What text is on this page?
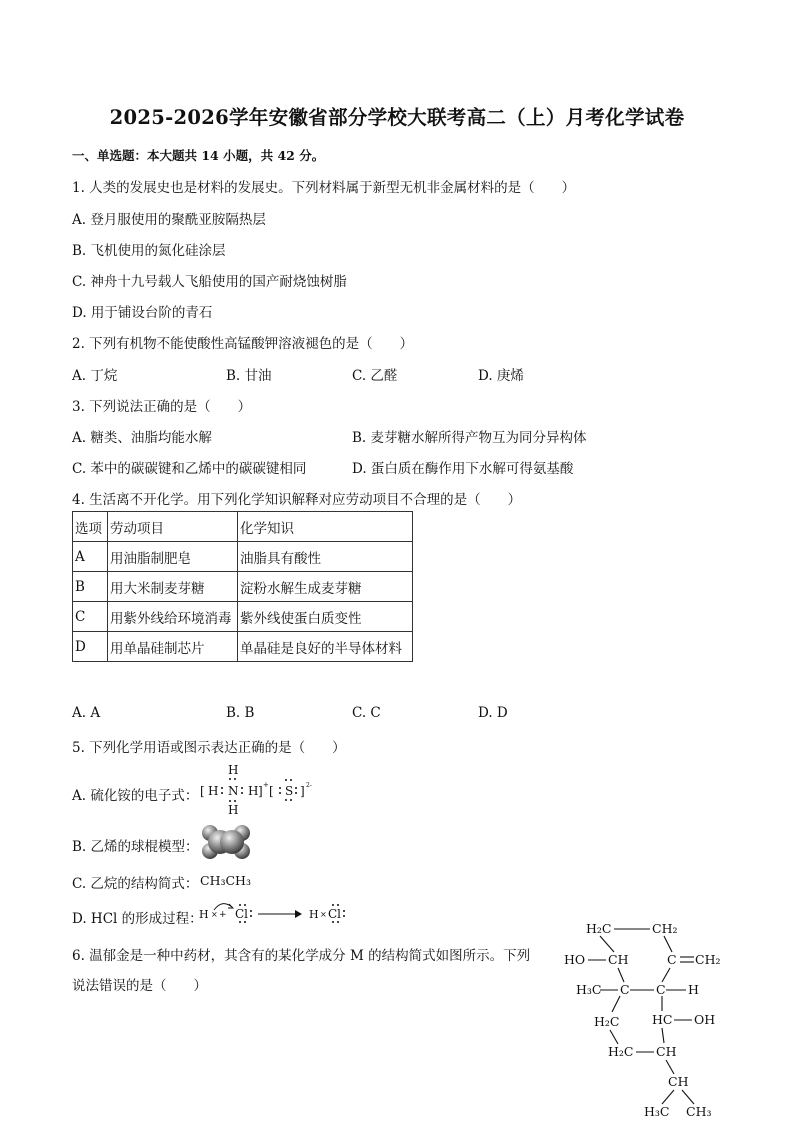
2025-2026学年安徽省部分学校大联考高二（上）月考化学试卷
一、单选题：本大题共 14 小题，共 42 分。
1. 人类的发展史也是材料的发展史。下列材料属于新型无机非金属材料的是（　　）
A. 登月服使用的聚酰亚胺隔热层
B. 飞机使用的氮化硅涂层
C. 神舟十九号载人飞船使用的国产耐烧蚀树脂
D. 用于铺设台阶的青石
2. 下列有机物不能使酸性高锰酸钾溶液褪色的是（　　）
A. 丁烷	B. 甘油	C. 乙醛	D. 庚烯
3. 下列说法正确的是（　　）
A. 糖类、油脂均能水解	B. 麦芽糖水解所得产物互为同分异构体
C. 苯中的碳碳键和乙烯中的碳碳键相同	D. 蛋白质在酶作用下水解可得氨基酸
4. 生活离不开化学。用下列化学知识解释对应劳动项目不合理的是（　　）
选项	劳动项目	化学知识
A	用油脂制肥皂	油脂具有酸性
B	用大米制麦芽糖	淀粉水解生成麦芽糖
C	用紫外线给环境消毒	紫外线使蛋白质变性
D	用单晶硅制芯片	单晶硅是良好的半导体材料
A. A	B. B	C. C	D. D
5. 下列化学用语或图示表达正确的是（　　）
A. 硫化铵的电子式： [ H
H
N
H
H ] + [ S ] 2-
B. 乙烯的球棍模型：
C. 乙烷的结构简式： CH₃CH₃
D. HCl 的形成过程：
H × + Cl	H × Cl
6. 温郁金是一种中药材，其含有的某化学成分 M 的结构简式如图所示。下列
说法错误的是（　　）
H₂C	CH₂
HO CH	C CH₂
H₃C C C H
H₂C	HC OH
H₂C CH
CH
H₃C CH₃
